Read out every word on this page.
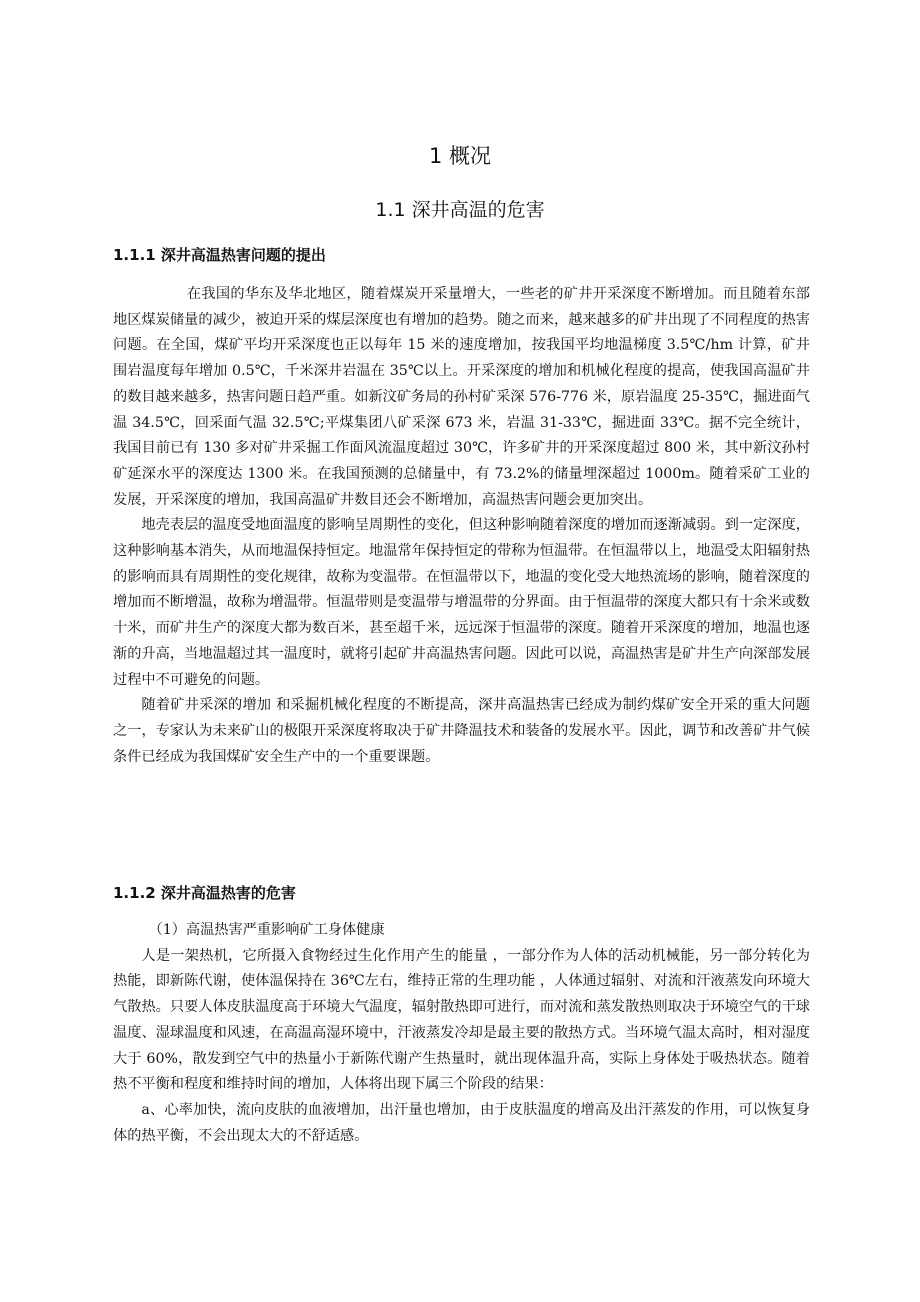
1 概况
1.1 深井高温的危害
1.1.1 深井高温热害问题的提出

在我国的华东及华北地区，随着煤炭开采量增大，一些老的矿井开采深度不断增加。而且随着东部地区煤炭储量的减少，被迫开采的煤层深度也有增加的趋势。随之而来，越来越多的矿井出现了不同程度的热害问题。在全国，煤矿平均开采深度也正以每年 15 米的速度增加，按我国平均地温梯度 3.5℃/hm 计算，矿井围岩温度每年增加 0.5℃，千米深井岩温在 35℃以上。开采深度的增加和机械化程度的提高，使我国高温矿井的数目越来越多，热害问题日趋严重。如新汶矿务局的孙村矿采深 576-776 米，原岩温度 25-35℃，掘进面气温 34.5℃，回采面气温 32.5℃;平煤集团八矿采深 673 米，岩温 31-33℃，掘进面 33℃。据不完全统计，我国目前已有 130 多对矿井采掘工作面风流温度超过 30℃，许多矿井的开采深度超过 800 米，其中新汶孙村矿延深水平的深度达 1300 米。在我国预测的总储量中，有 73.2%的储量埋深超过 1000m。随着采矿工业的发展，开采深度的增加，我国高温矿井数目还会不断增加，高温热害问题会更加突出。

地壳表层的温度受地面温度的影响呈周期性的变化，但这种影响随着深度的增加而逐渐减弱。到一定深度，这种影响基本消失，从而地温保持恒定。地温常年保持恒定的带称为恒温带。在恒温带以上，地温受太阳辐射热的影响而具有周期性的变化规律，故称为变温带。在恒温带以下，地温的变化受大地热流场的影响，随着深度的增加而不断增温，故称为增温带。恒温带则是变温带与增温带的分界面。由于恒温带的深度大都只有十余米或数十米，而矿井生产的深度大都为数百米，甚至超千米，远远深于恒温带的深度。随着开采深度的增加，地温也逐渐的升高，当地温超过其一温度时，就将引起矿井高温热害问题。因此可以说，高温热害是矿井生产向深部发展过程中不可避免的问题。

随着矿井采深的增加 和采掘机械化程度的不断提高，深井高温热害已经成为制约煤矿安全开采的重大问题之一，专家认为未来矿山的极限开采深度将取决于矿井降温技术和装备的发展水平。因此，调节和改善矿井气候条件已经成为我国煤矿安全生产中的一个重要课题。

1.1.2 深井高温热害的危害

（1）高温热害严重影响矿工身体健康

人是一架热机，它所摄入食物经过生化作用产生的能量 ，一部分作为人体的活动机械能，另一部分转化为热能，即新陈代谢，使体温保持在 36℃左右，维持正常的生理功能 ，人体通过辐射、对流和汗液蒸发向环境大气散热。只要人体皮肤温度高于环境大气温度，辐射散热即可进行，而对流和蒸发散热则取决于环境空气的干球温度、湿球温度和风速，在高温高湿环境中，汗液蒸发冷却是最主要的散热方式。当环境气温太高时，相对湿度大于 60%，散发到空气中的热量小于新陈代谢产生热量时，就出现体温升高，实际上身体处于吸热状态。随着热不平衡和程度和维持时间的增加，人体将出现下属三个阶段的结果：

a、心率加快，流向皮肤的血液增加，出汗量也增加，由于皮肤温度的增高及出汗蒸发的作用，可以恢复身体的热平衡，不会出现太大的不舒适感。
